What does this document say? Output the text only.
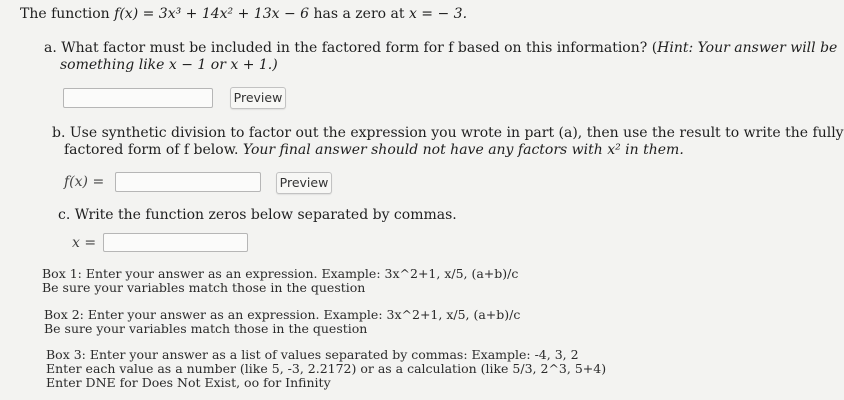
The function f(x) = 3x³ + 14x² + 13x − 6 has a zero at x = − 3.
a. What factor must be included in the factored form for f based on this information? (Hint: Your answer will be
something like x − 1 or x + 1.)
Preview
b. Use synthetic division to factor out the expression you wrote in part (a), then use the result to write the fully
factored form of f below. Your final answer should not have any factors with x² in them.
f(x) =	Preview
c. Write the function zeros below separated by commas.
x =
Box 1: Enter your answer as an expression. Example: 3x^2+1, x/5, (a+b)/c
Be sure your variables match those in the question
Box 2: Enter your answer as an expression. Example: 3x^2+1, x/5, (a+b)/c
Be sure your variables match those in the question
Box 3: Enter your answer as a list of values separated by commas: Example: -4, 3, 2
Enter each value as a number (like 5, -3, 2.2172) or as a calculation (like 5/3, 2^3, 5+4)
Enter DNE for Does Not Exist, oo for Infinity
